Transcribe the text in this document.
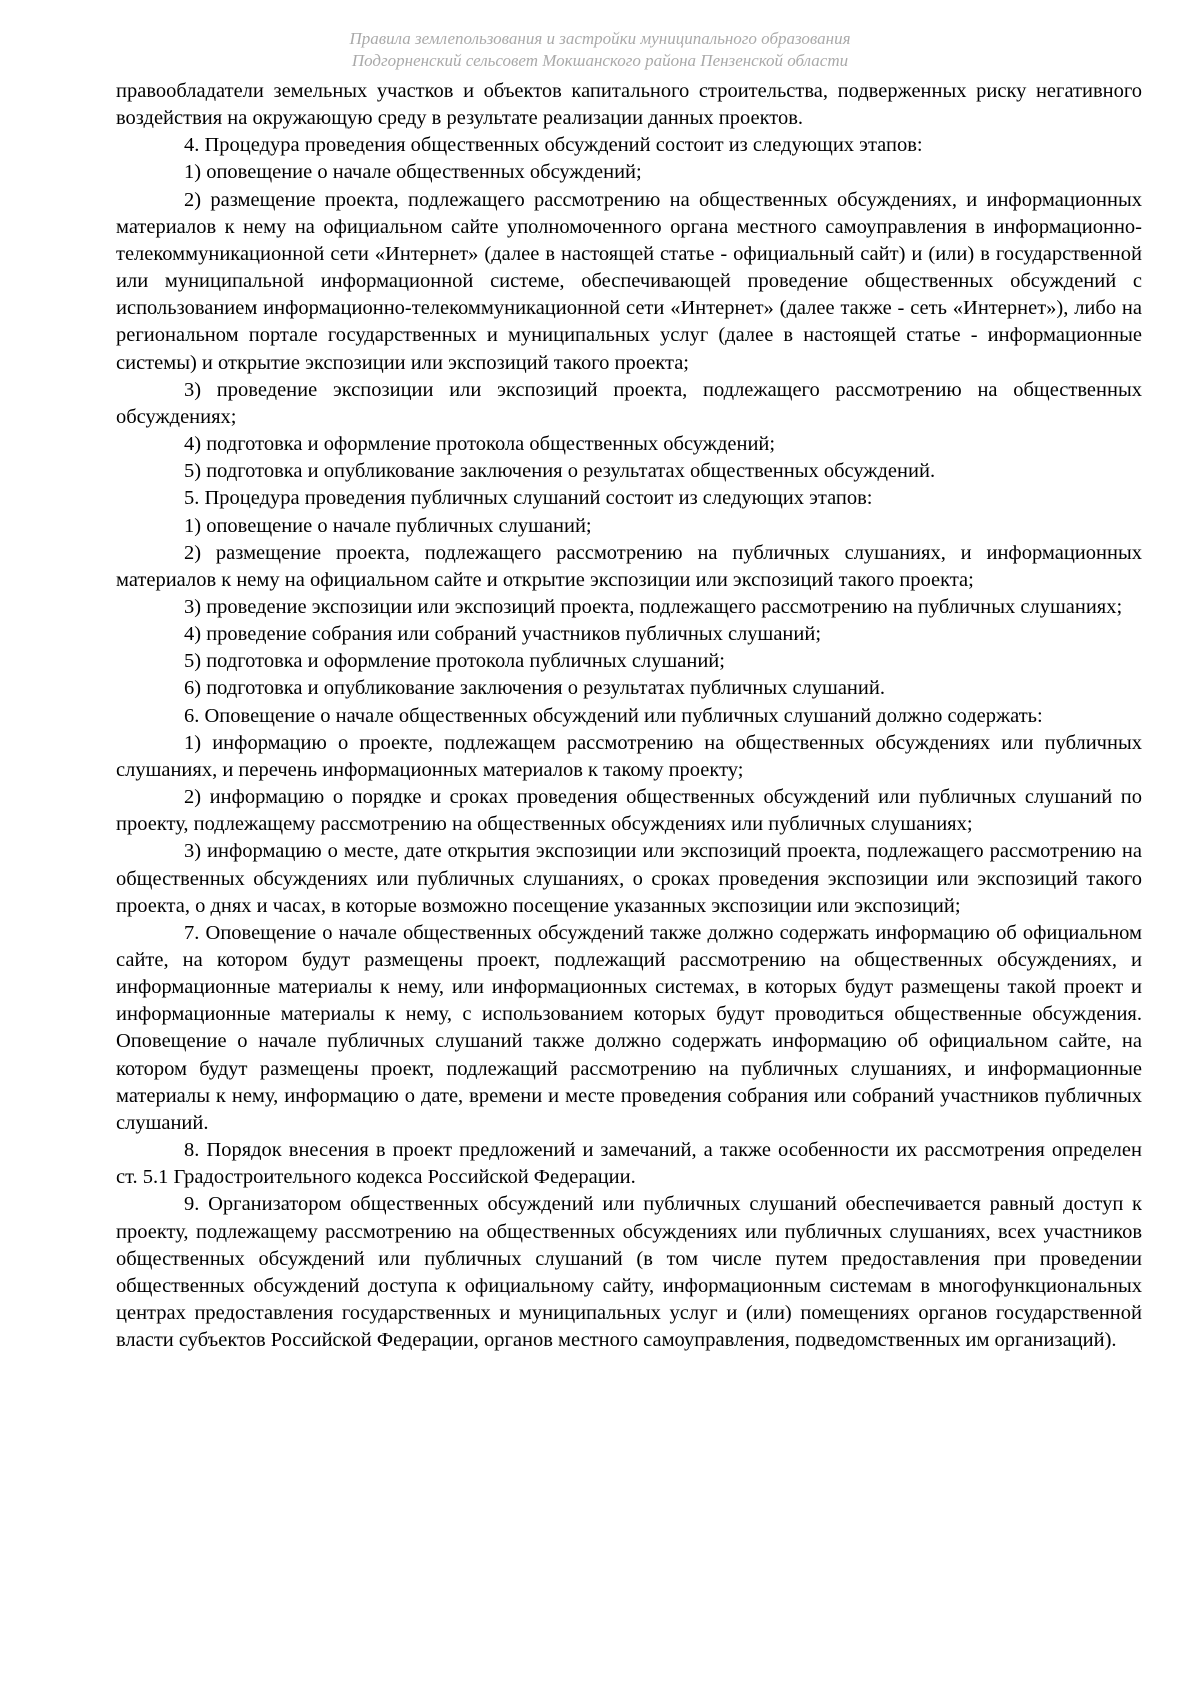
Правила землепользования и застройки муниципального образования
Подгорненский сельсовет Мокшанского района Пензенской области

правообладатели земельных участков и объектов капитального строительства, подверженных риску негативного воздействия на окружающую среду в результате реализации данных проектов.

4. Процедура проведения общественных обсуждений состоит из следующих этапов:

1) оповещение о начале общественных обсуждений;

2) размещение проекта, подлежащего рассмотрению на общественных обсуждениях, и информационных материалов к нему на официальном сайте уполномоченного органа местного самоуправления в информационно-телекоммуникационной сети «Интернет» (далее в настоящей статье - официальный сайт) и (или) в государственной или муниципальной информационной системе, обеспечивающей проведение общественных обсуждений с использованием информационно-телекоммуникационной сети «Интернет» (далее также - сеть «Интернет»), либо на региональном портале государственных и муниципальных услуг (далее в настоящей статье - информационные системы) и открытие экспозиции или экспозиций такого проекта;

3) проведение экспозиции или экспозиций проекта, подлежащего рассмотрению на общественных обсуждениях;

4) подготовка и оформление протокола общественных обсуждений;

5) подготовка и опубликование заключения о результатах общественных обсуждений.

5. Процедура проведения публичных слушаний состоит из следующих этапов:

1) оповещение о начале публичных слушаний;

2) размещение проекта, подлежащего рассмотрению на публичных слушаниях, и информационных материалов к нему на официальном сайте и открытие экспозиции или экспозиций такого проекта;

3) проведение экспозиции или экспозиций проекта, подлежащего рассмотрению на публичных слушаниях;

4) проведение собрания или собраний участников публичных слушаний;

5) подготовка и оформление протокола публичных слушаний;

6) подготовка и опубликование заключения о результатах публичных слушаний.

6. Оповещение о начале общественных обсуждений или публичных слушаний должно содержать:

1) информацию о проекте, подлежащем рассмотрению на общественных обсуждениях или публичных слушаниях, и перечень информационных материалов к такому проекту;

2) информацию о порядке и сроках проведения общественных обсуждений или публичных слушаний по проекту, подлежащему рассмотрению на общественных обсуждениях или публичных слушаниях;

3) информацию о месте, дате открытия экспозиции или экспозиций проекта, подлежащего рассмотрению на общественных обсуждениях или публичных слушаниях, о сроках проведения экспозиции или экспозиций такого проекта, о днях и часах, в которые возможно посещение указанных экспозиции или экспозиций;

7. Оповещение о начале общественных обсуждений также должно содержать информацию об официальном сайте, на котором будут размещены проект, подлежащий рассмотрению на общественных обсуждениях, и информационные материалы к нему, или информационных системах, в которых будут размещены такой проект и информационные материалы к нему, с использованием которых будут проводиться общественные обсуждения. Оповещение о начале публичных слушаний также должно содержать информацию об официальном сайте, на котором будут размещены проект, подлежащий рассмотрению на публичных слушаниях, и информационные материалы к нему, информацию о дате, времени и месте проведения собрания или собраний участников публичных слушаний.

8. Порядок внесения в проект предложений и замечаний, а также особенности их рассмотрения определен ст. 5.1 Градостроительного кодекса Российской Федерации.

9. Организатором общественных обсуждений или публичных слушаний обеспечивается равный доступ к проекту, подлежащему рассмотрению на общественных обсуждениях или публичных слушаниях, всех участников общественных обсуждений или публичных слушаний (в том числе путем предоставления при проведении общественных обсуждений доступа к официальному сайту, информационным системам в многофункциональных центрах предоставления государственных и муниципальных услуг и (или) помещениях органов государственной власти субъектов Российской Федерации, органов местного самоуправления, подведомственных им организаций).
